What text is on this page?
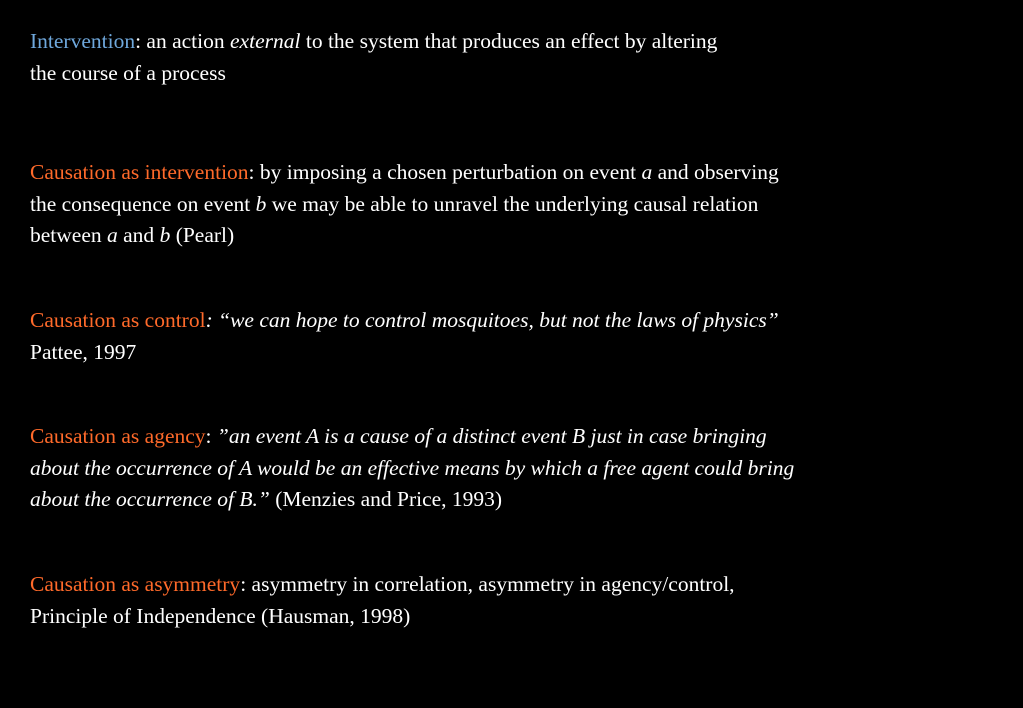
Intervention: an action external to the system that produces an effect by altering
the course of a process

Causation as intervention: by imposing a chosen perturbation on event a and observing
the consequence on event b we may be able to unravel the underlying causal relation
between a and b (Pearl)

Causation as control: “we can hope to control mosquitoes, but not the laws of physics”
Pattee, 1997

Causation as agency: ”an event A is a cause of a distinct event B just in case bringing
about the occurrence of A would be an effective means by which a free agent could bring
about the occurrence of B.” (Menzies and Price, 1993)

Causation as asymmetry: asymmetry in correlation, asymmetry in agency/control,
Principle of Independence (Hausman, 1998)
